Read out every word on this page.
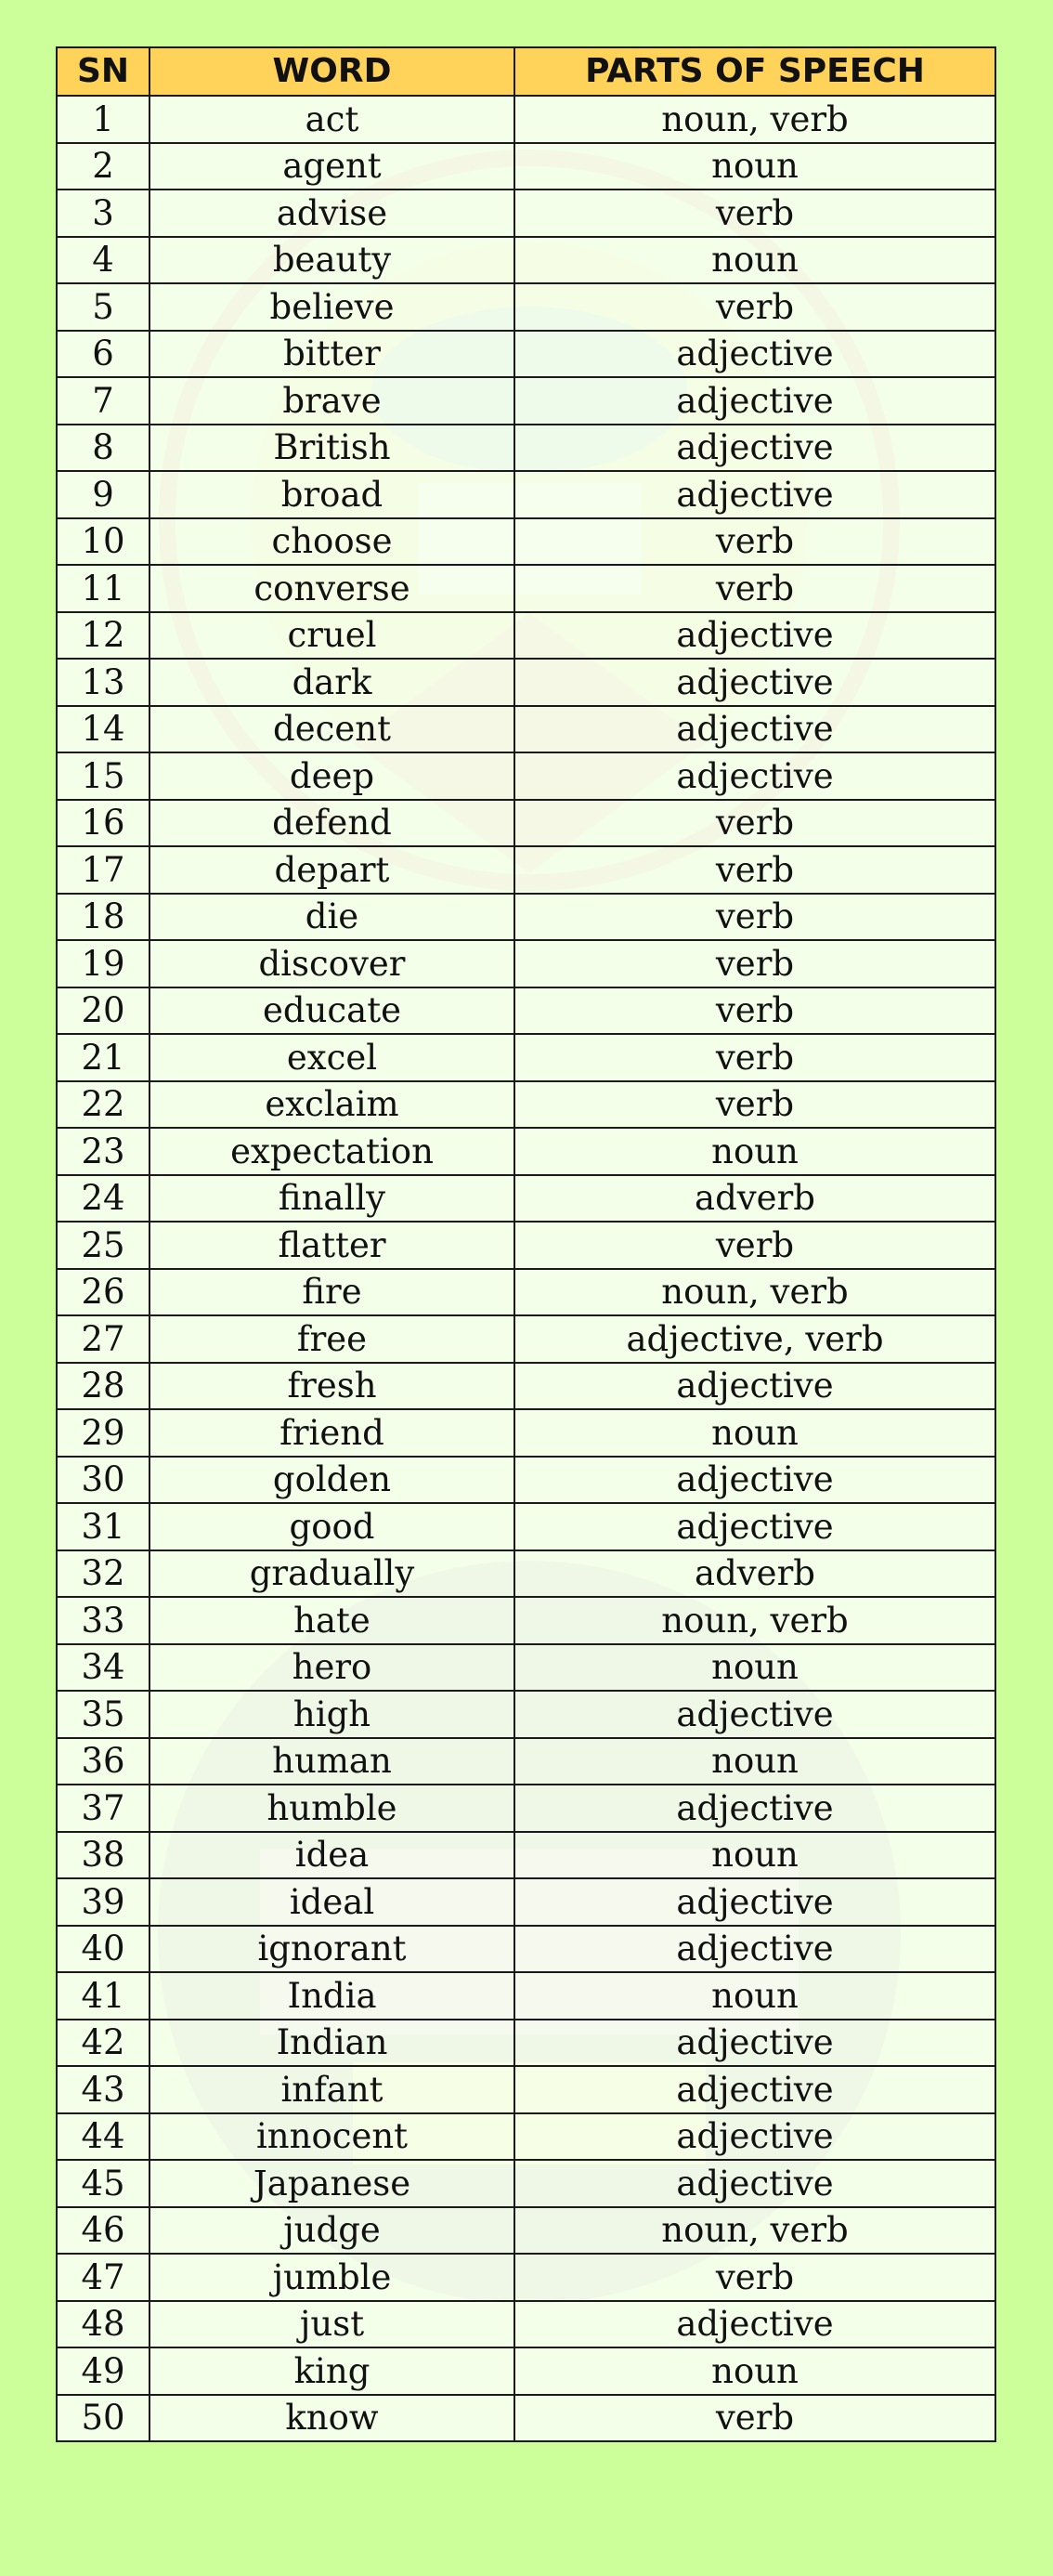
SN	WORD	PARTS OF SPEECH
1	act	noun, verb
2	agent	noun
3	advise	verb
4	beauty	noun
5	believe	verb
6	bitter	adjective
7	brave	adjective
8	British	adjective
9	broad	adjective
10	choose	verb
11	converse	verb
12	cruel	adjective
13	dark	adjective
14	decent	adjective
15	deep	adjective
16	defend	verb
17	depart	verb
18	die	verb
19	discover	verb
20	educate	verb
21	excel	verb
22	exclaim	verb
23	expectation	noun
24	finally	adverb
25	flatter	verb
26	fire	noun, verb
27	free	adjective, verb
28	fresh	adjective
29	friend	noun
30	golden	adjective
31	good	adjective
32	gradually	adverb
33	hate	noun, verb
34	hero	noun
35	high	adjective
36	human	noun
37	humble	adjective
38	idea	noun
39	ideal	adjective
40	ignorant	adjective
41	India	noun
42	Indian	adjective
43	infant	adjective
44	innocent	adjective
45	Japanese	adjective
46	judge	noun, verb
47	jumble	verb
48	just	adjective
49	king	noun
50	know	verb
